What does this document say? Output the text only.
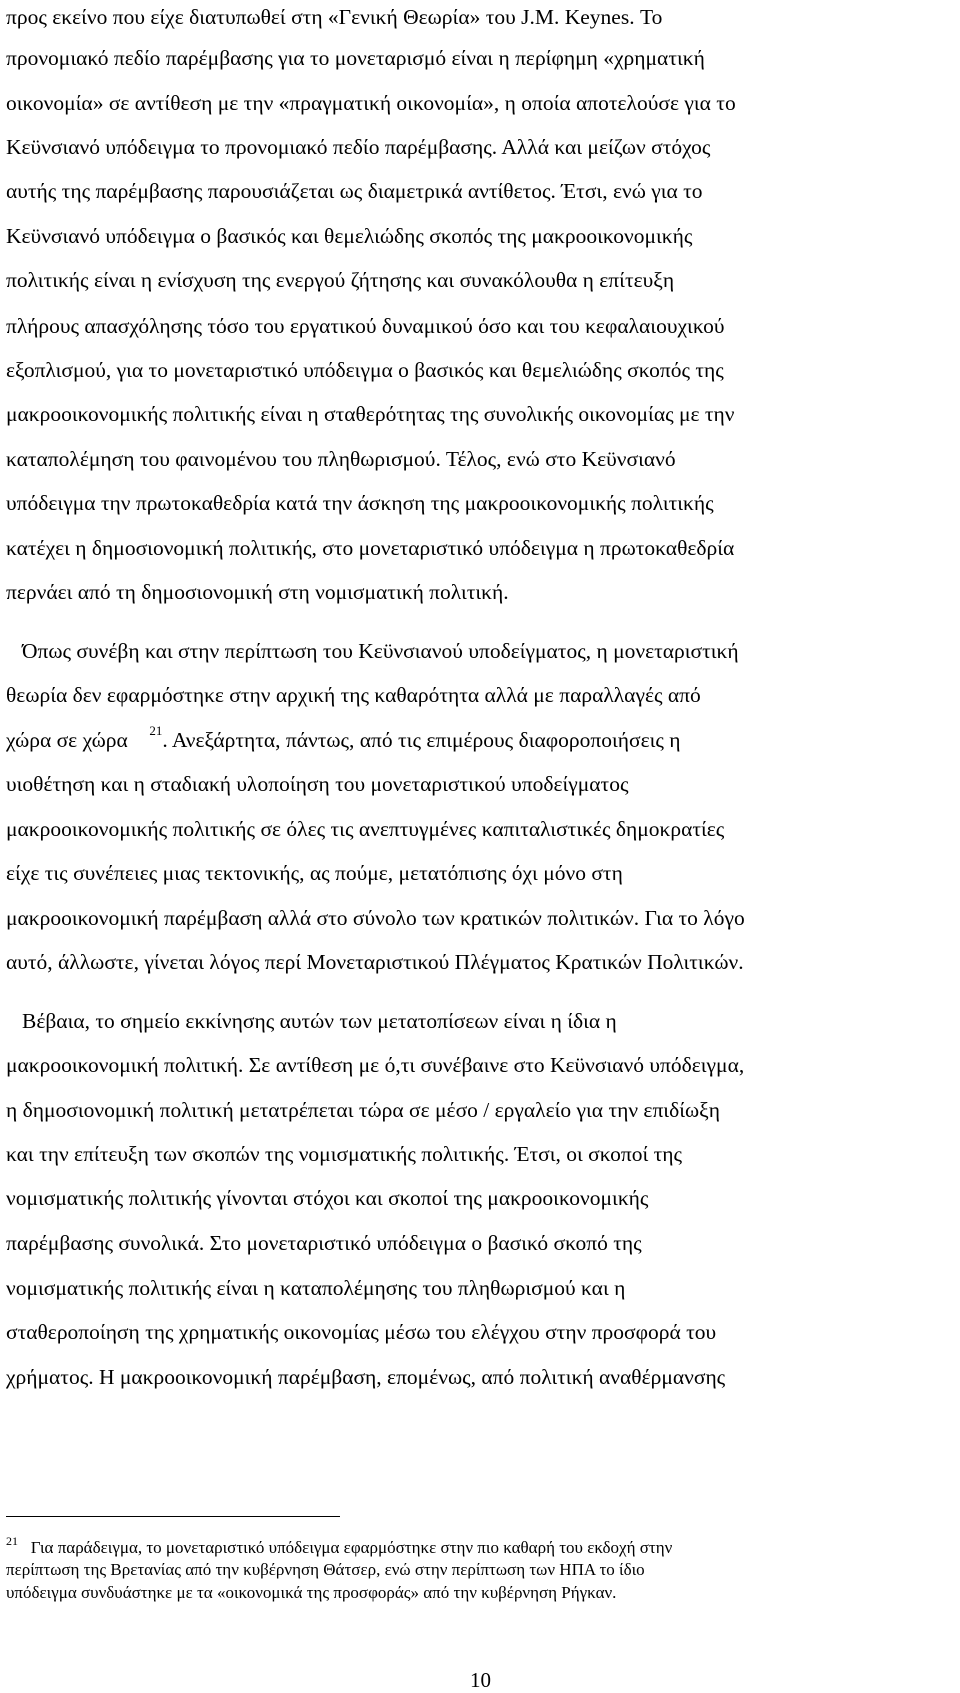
προς εκείνο που είχε διατυπωθεί στη «Γενική Θεωρία» του J.M. Keynes. Το

προνομιακό πεδίο παρέμβασης για το μονεταρισμό είναι η περίφημη «χρηματική

οικονομία» σε αντίθεση με την «πραγματική οικονομία», η οποία αποτελούσε για το

Κεϋνσιανό υπόδειγμα το προνομιακό πεδίο παρέμβασης. Αλλά και μείζων στόχος

αυτής της παρέμβασης παρουσιάζεται ως διαμετρικά αντίθετος. Έτσι, ενώ για το

Κεϋνσιανό υπόδειγμα ο βασικός και θεμελιώδης σκοπός της μακροοικονομικής

πολιτικής είναι η ενίσχυση της ενεργού ζήτησης και συνακόλουθα η επίτευξη

πλήρους απασχόλησης τόσο του εργατικού δυναμικού όσο και του κεφαλαιουχικού

εξοπλισμού, για το μονεταριστικό υπόδειγμα ο βασικός και θεμελιώδης σκοπός της

μακροοικονομικής πολιτικής είναι η σταθερότητας της συνολικής οικονομίας με την

καταπολέμηση του φαινομένου του πληθωρισμού. Τέλος, ενώ στο Κεϋνσιανό

υπόδειγμα την πρωτοκαθεδρία κατά την άσκηση της μακροοικονομικής πολιτικής

κατέχει η δημοσιονομική πολιτικής, στο μονεταριστικό υπόδειγμα η πρωτοκαθεδρία

περνάει από τη δημοσιονομική στη νομισματική πολιτική.

Όπως συνέβη και στην περίπτωση του Κεϋνσιανού υποδείγματος, η μονεταριστική

θεωρία δεν εφαρμόστηκε στην αρχική της καθαρότητα αλλά με παραλλαγές από

χώρα σε χώρα $^{21}$. Ανεξάρτητα, πάντως, από τις επιμέρους διαφοροποιήσεις η

υιοθέτηση και η σταδιακή υλοποίηση του μονεταριστικού υποδείγματος

μακροοικονομικής πολιτικής σε όλες τις ανεπτυγμένες καπιταλιστικές δημοκρατίες

είχε τις συνέπειες μιας τεκτονικής, ας πούμε, μετατόπισης όχι μόνο στη

μακροοικονομική παρέμβαση αλλά στο σύνολο των κρατικών πολιτικών. Για το λόγο

αυτό, άλλωστε, γίνεται λόγος περί Μονεταριστικού Πλέγματος Κρατικών Πολιτικών.

Βέβαια, το σημείο εκκίνησης αυτών των μετατοπίσεων είναι η ίδια η

μακροοικονομική πολιτική. Σε αντίθεση με ό,τι συνέβαινε στο Κεϋνσιανό υπόδειγμα,

η δημοσιονομική πολιτική μετατρέπεται τώρα σε μέσο / εργαλείο για την επιδίωξη

και την επίτευξη των σκοπών της νομισματικής πολιτικής. Έτσι, οι σκοποί της

νομισματικής πολιτικής γίνονται στόχοι και σκοποί της μακροοικονομικής

παρέμβασης συνολικά. Στο μονεταριστικό υπόδειγμα ο βασικό σκοπό της

νομισματικής πολιτικής είναι η καταπολέμησης του πληθωρισμού και η

σταθεροποίηση της χρηματικής οικονομίας μέσω του ελέγχου στην προσφορά του

χρήματος. Η μακροοικονομική παρέμβαση, επομένως, από πολιτική αναθέρμανσης

$^{21}$ Για παράδειγμα, το μονεταριστικό υπόδειγμα εφαρμόστηκε στην πιο καθαρή του εκδοχή στην

περίπτωση της Βρετανίας από την κυβέρνηση Θάτσερ, ενώ στην περίπτωση των ΗΠΑ το ίδιο

υπόδειγμα συνδυάστηκε με τα «οικονομικά της προσφοράς» από την κυβέρνηση Ρήγκαν.

10
